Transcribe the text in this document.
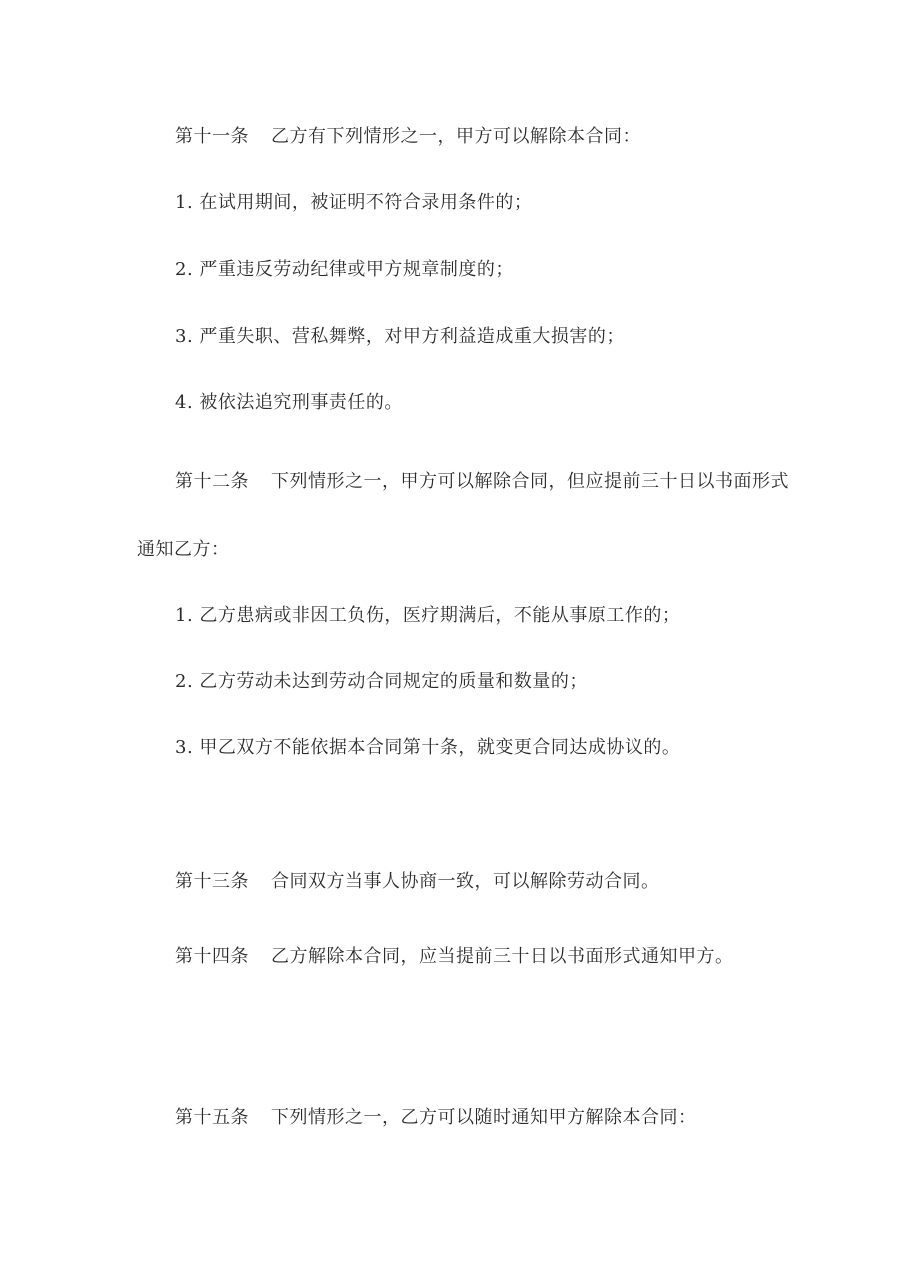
第十一条 乙方有下列情形之一，甲方可以解除本合同：
1. 在试用期间，被证明不符合录用条件的；
2. 严重违反劳动纪律或甲方规章制度的；
3. 严重失职、营私舞弊，对甲方利益造成重大损害的；
4. 被依法追究刑事责任的。
第十二条 下列情形之一，甲方可以解除合同，但应提前三十日以书面形式
通知乙方：
1. 乙方患病或非因工负伤，医疗期满后，不能从事原工作的；
2. 乙方劳动未达到劳动合同规定的质量和数量的；
3. 甲乙双方不能依据本合同第十条，就变更合同达成协议的。
第十三条 合同双方当事人协商一致，可以解除劳动合同。
第十四条 乙方解除本合同，应当提前三十日以书面形式通知甲方。
第十五条 下列情形之一，乙方可以随时通知甲方解除本合同：
